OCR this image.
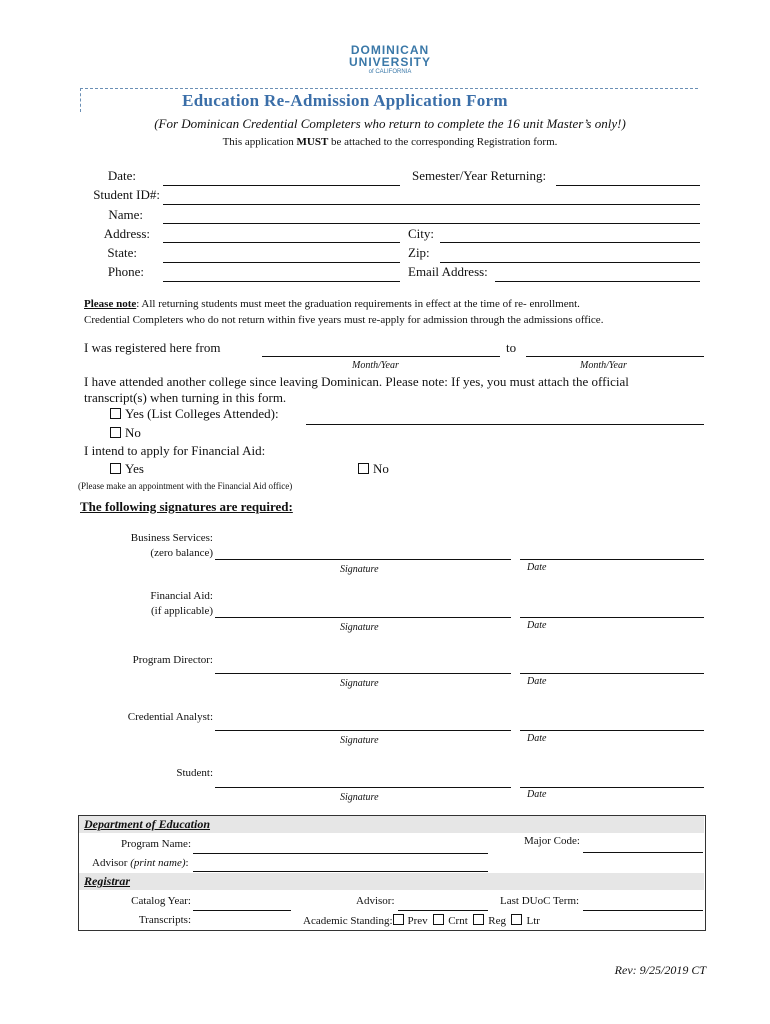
DOMINICAN
UNIVERSITY
of CALIFORNIA
Education Re-Admission Application Form
(For Dominican Credential Completers who return to complete the 16 unit Master’s only!)
This application MUST be attached to the corresponding Registration form.
Date:	Semester/Year Returning:
Student ID#:
Name:
Address:	City:
State:	Zip:
Phone:	Email Address:
Please note: All returning students must meet the graduation requirements in effect at the time of re- enrollment.
Credential Completers who do not return within five years must re-apply for admission through the admissions office.
I was registered here from	to
Month/Year	Month/Year
I have attended another college since leaving Dominican. Please note: If yes, you must attach the official
transcript(s) when turning in this form.
Yes (List Colleges Attended):
No
I intend to apply for Financial Aid:
Yes	No
(Please make an appointment with the Financial Aid office)
The following signatures are required:
Business Services:
(zero balance)
Signature	Date
Financial Aid:
(if applicable)
Signature	Date
Program Director:
Signature	Date
Credential Analyst:
Signature	Date
Student:
Signature	Date
Department of Education
Program Name:	Major Code:
Advisor (print name):
Registrar
Catalog Year:	Advisor:	Last DUoC Term:
Transcripts:	Academic Standing: Prev Crnt Reg Ltr
Rev: 9/25/2019 CT
